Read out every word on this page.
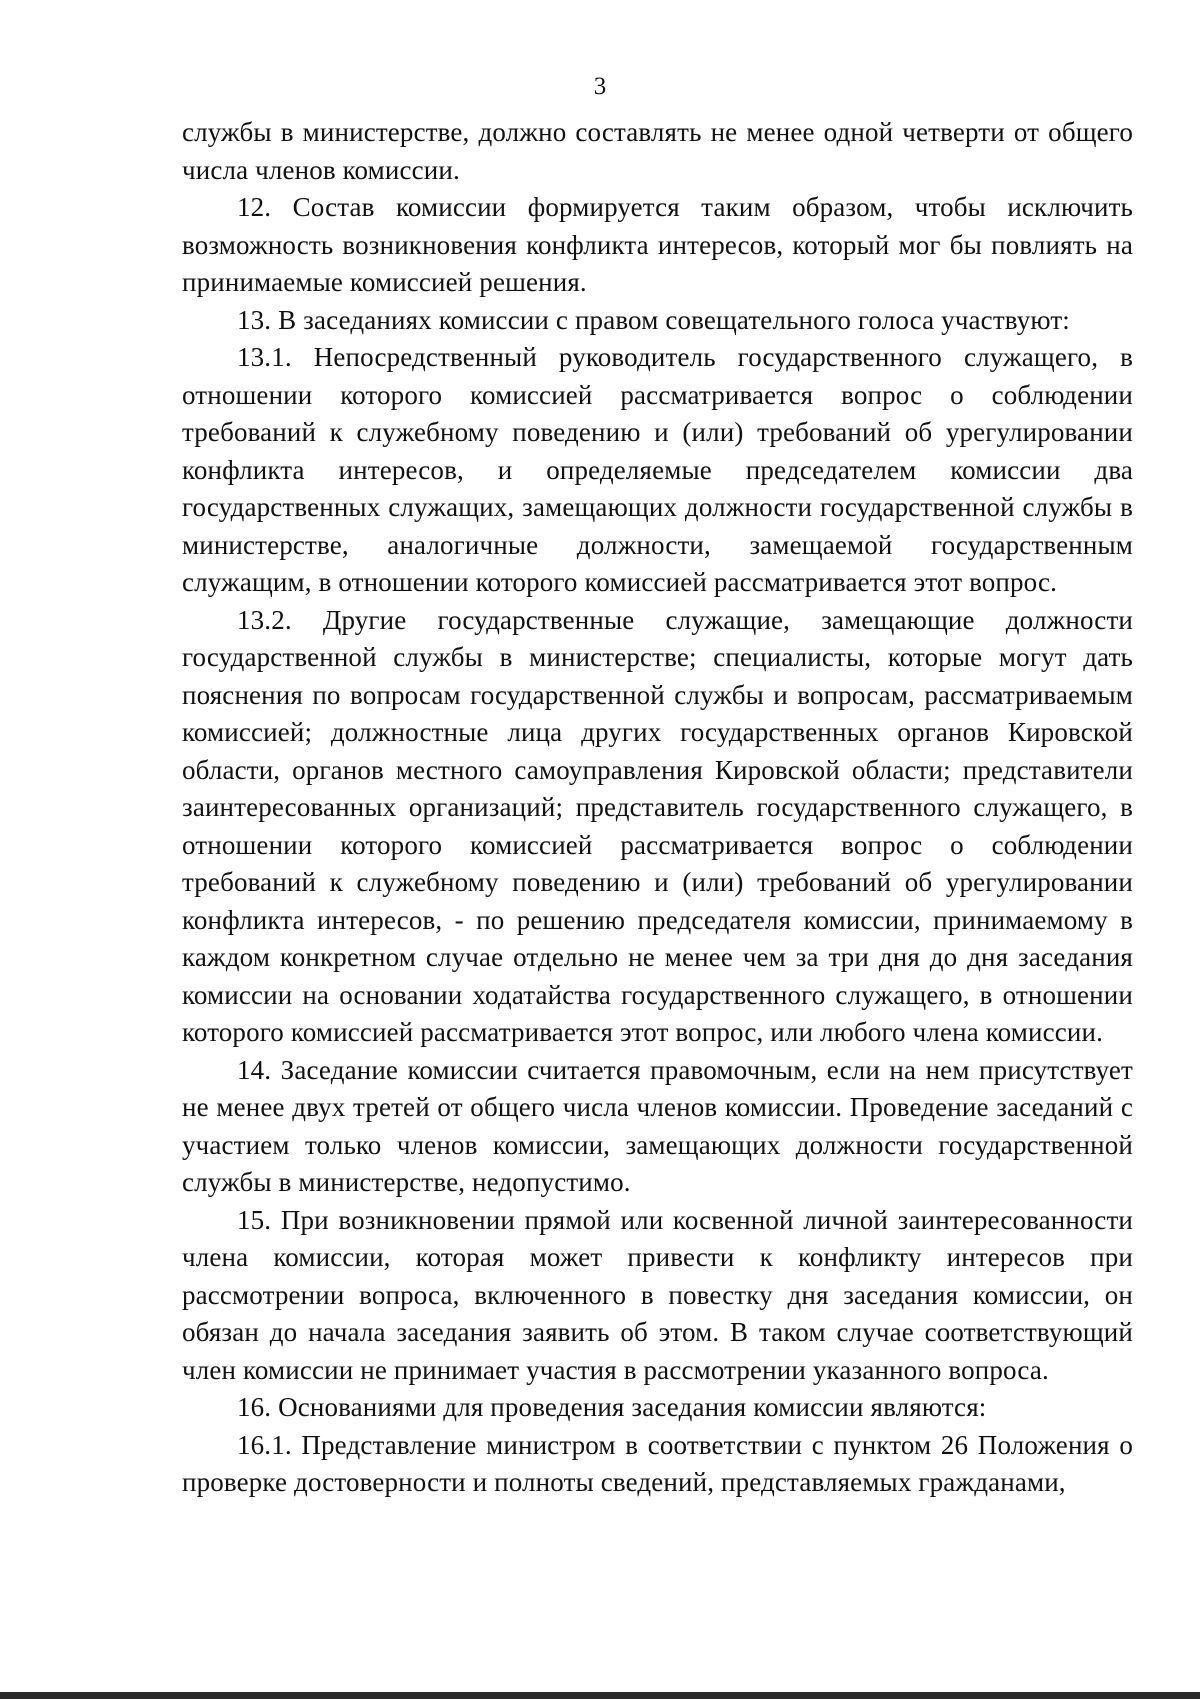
3

службы в министерстве, должно составлять не менее одной четверти от общего числа членов комиссии.

12. Состав комиссии формируется таким образом, чтобы исключить возможность возникновения конфликта интересов, который мог бы повлиять на принимаемые комиссией решения.

13. В заседаниях комиссии с правом совещательного голоса участвуют:

13.1. Непосредственный руководитель государственного служащего, в отношении которого комиссией рассматривается вопрос о соблюдении требований к служебному поведению и (или) требований об урегулировании конфликта интересов, и определяемые председателем комиссии два государственных служащих, замещающих должности государственной службы в министерстве, аналогичные должности, замещаемой государственным служащим, в отношении которого комиссией рассматривается этот вопрос.

13.2. Другие государственные служащие, замещающие должности государственной службы в министерстве; специалисты, которые могут дать пояснения по вопросам государственной службы и вопросам, рассматриваемым комиссией; должностные лица других государственных органов Кировской области, органов местного самоуправления Кировской области; представители заинтересованных организаций; представитель государственного служащего, в отношении которого комиссией рассматривается вопрос о соблюдении требований к служебному поведению и (или) требований об урегулировании конфликта интересов, - по решению председателя комиссии, принимаемому в каждом конкретном случае отдельно не менее чем за три дня до дня заседания комиссии на основании ходатайства государственного служащего, в отношении которого комиссией рассматривается этот вопрос, или любого члена комиссии.

14. Заседание комиссии считается правомочным, если на нем присутствует не менее двух третей от общего числа членов комиссии. Проведение заседаний с участием только членов комиссии, замещающих должности государственной службы в министерстве, недопустимо.

15. При возникновении прямой или косвенной личной заинтересованности члена комиссии, которая может привести к конфликту интересов при рассмотрении вопроса, включенного в повестку дня заседания комиссии, он обязан до начала заседания заявить об этом. В таком случае соответствующий член комиссии не принимает участия в рассмотрении указанного вопроса.

16. Основаниями для проведения заседания комиссии являются:

16.1. Представление министром в соответствии с пунктом 26 Положения о проверке достоверности и полноты сведений, представляемых гражданами,
